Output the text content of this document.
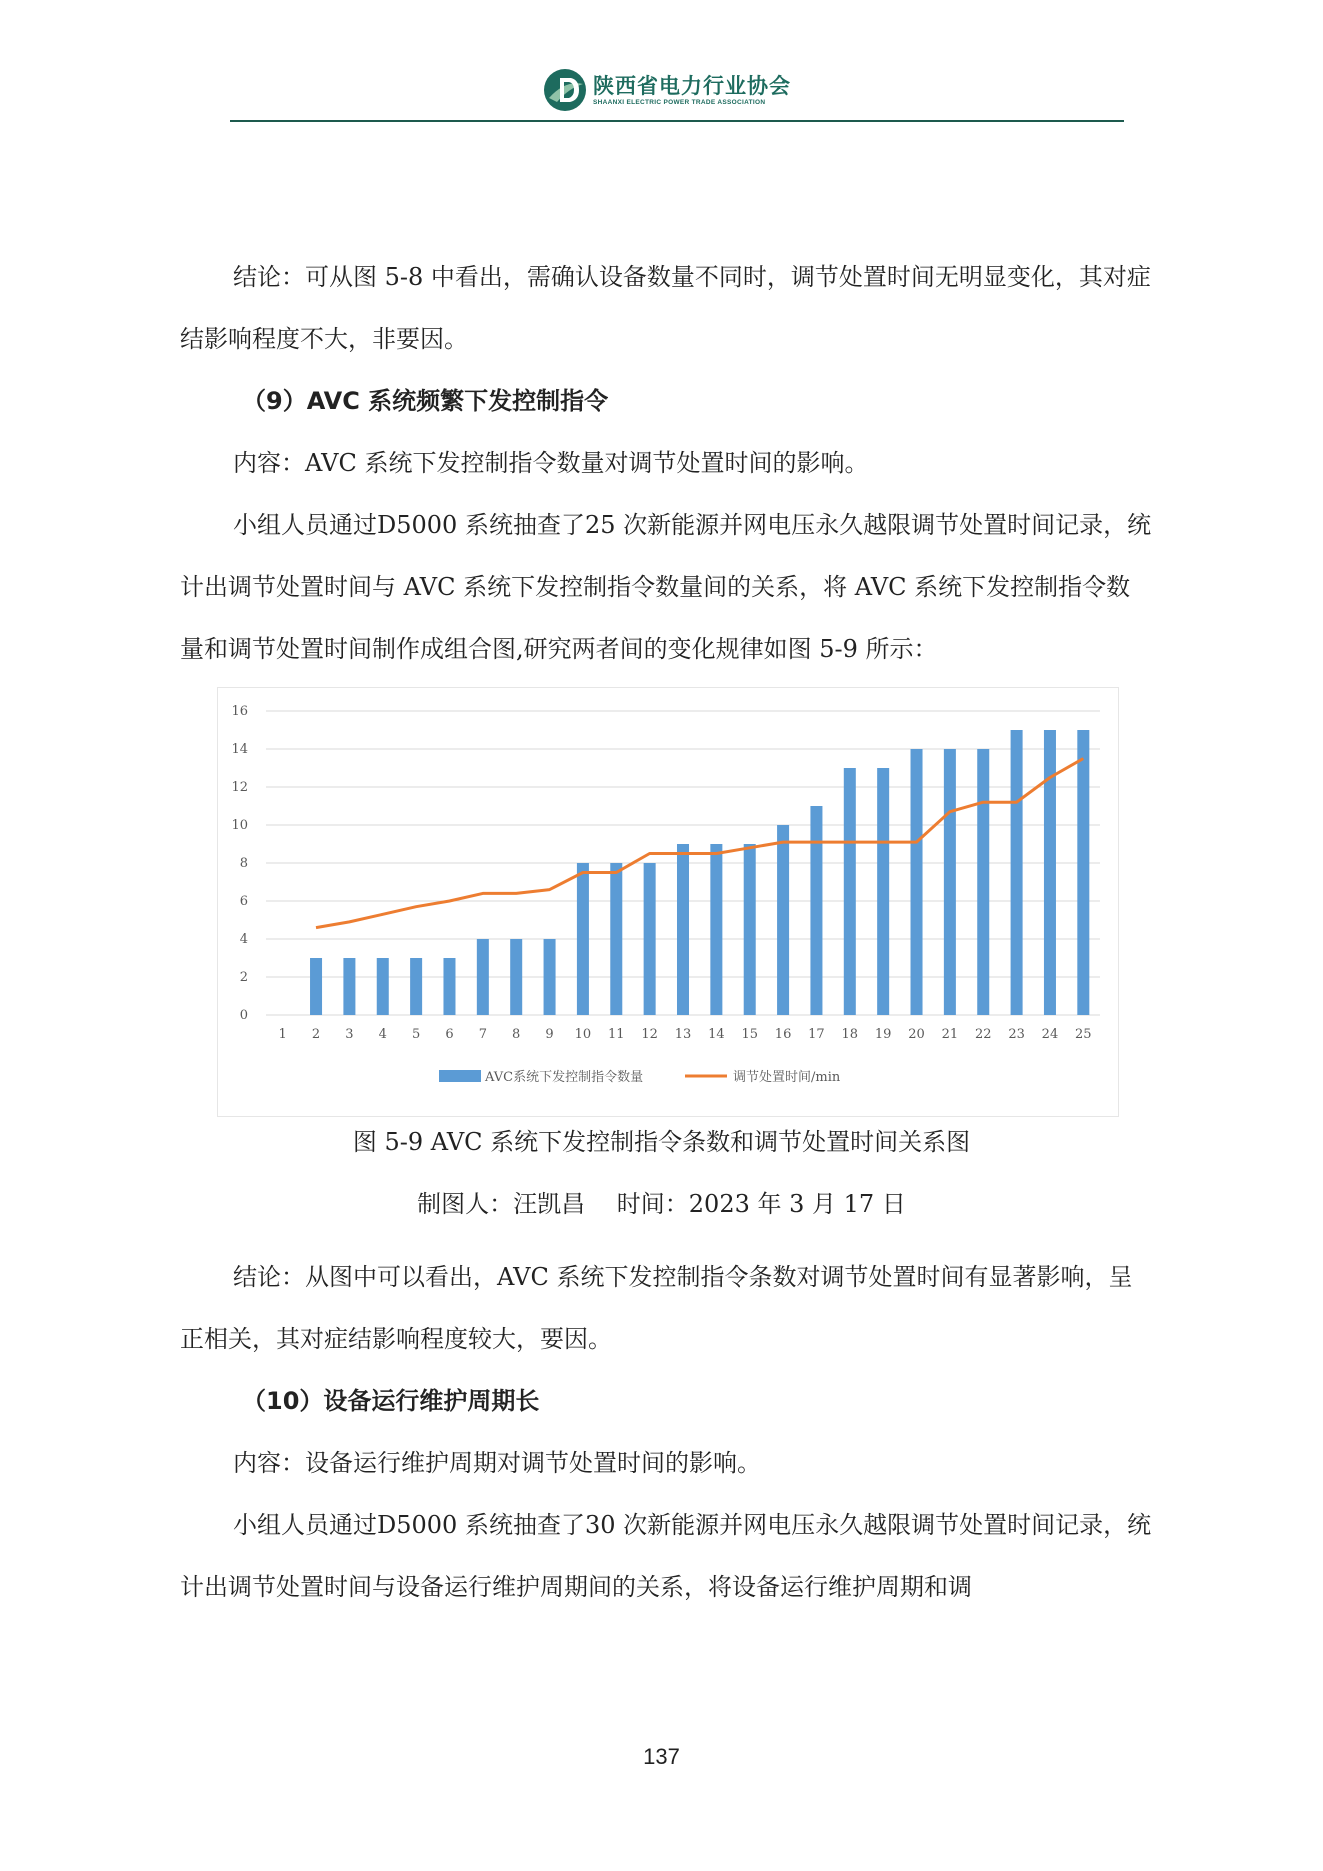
陕西省电力行业协会
SHAANXI ELECTRIC POWER TRADE ASSOCIATION

结论：可从图 5-8 中看出，需确认设备数量不同时，调节处置时间无明显变化，其对症结影响程度不大，非要因。

（9）AVC 系统频繁下发控制指令

内容：AVC 系统下发控制指令数量对调节处置时间的影响。

小组人员通过D5000 系统抽查了25 次新能源并网电压永久越限调节处置时间记录，统计出调节处置时间与 AVC 系统下发控制指令数量间的关系，将 AVC 系统下发控制指令数量和调节处置时间制作成组合图,研究两者间的变化规律如图 5-9 所示：

0
2
4
6
8
10
12
14
16
1 2 3 4 5 6 7 8 9 10 11 12 13 14 15 16 17 18 19 20 21 22 23 24 25
AVC系统下发控制指令数量	调节处置时间/min

图 5-9 AVC 系统下发控制指令条数和调节处置时间关系图

制图人：汪凯昌　 时间：2023 年 3 月 17 日

结论：从图中可以看出，AVC 系统下发控制指令条数对调节处置时间有显著影响，呈正相关，其对症结影响程度较大，要因。

（10）设备运行维护周期长

内容：设备运行维护周期对调节处置时间的影响。

小组人员通过D5000 系统抽查了30 次新能源并网电压永久越限调节处置时间记录，统计出调节处置时间与设备运行维护周期间的关系，将设备运行维护周期和调

137
